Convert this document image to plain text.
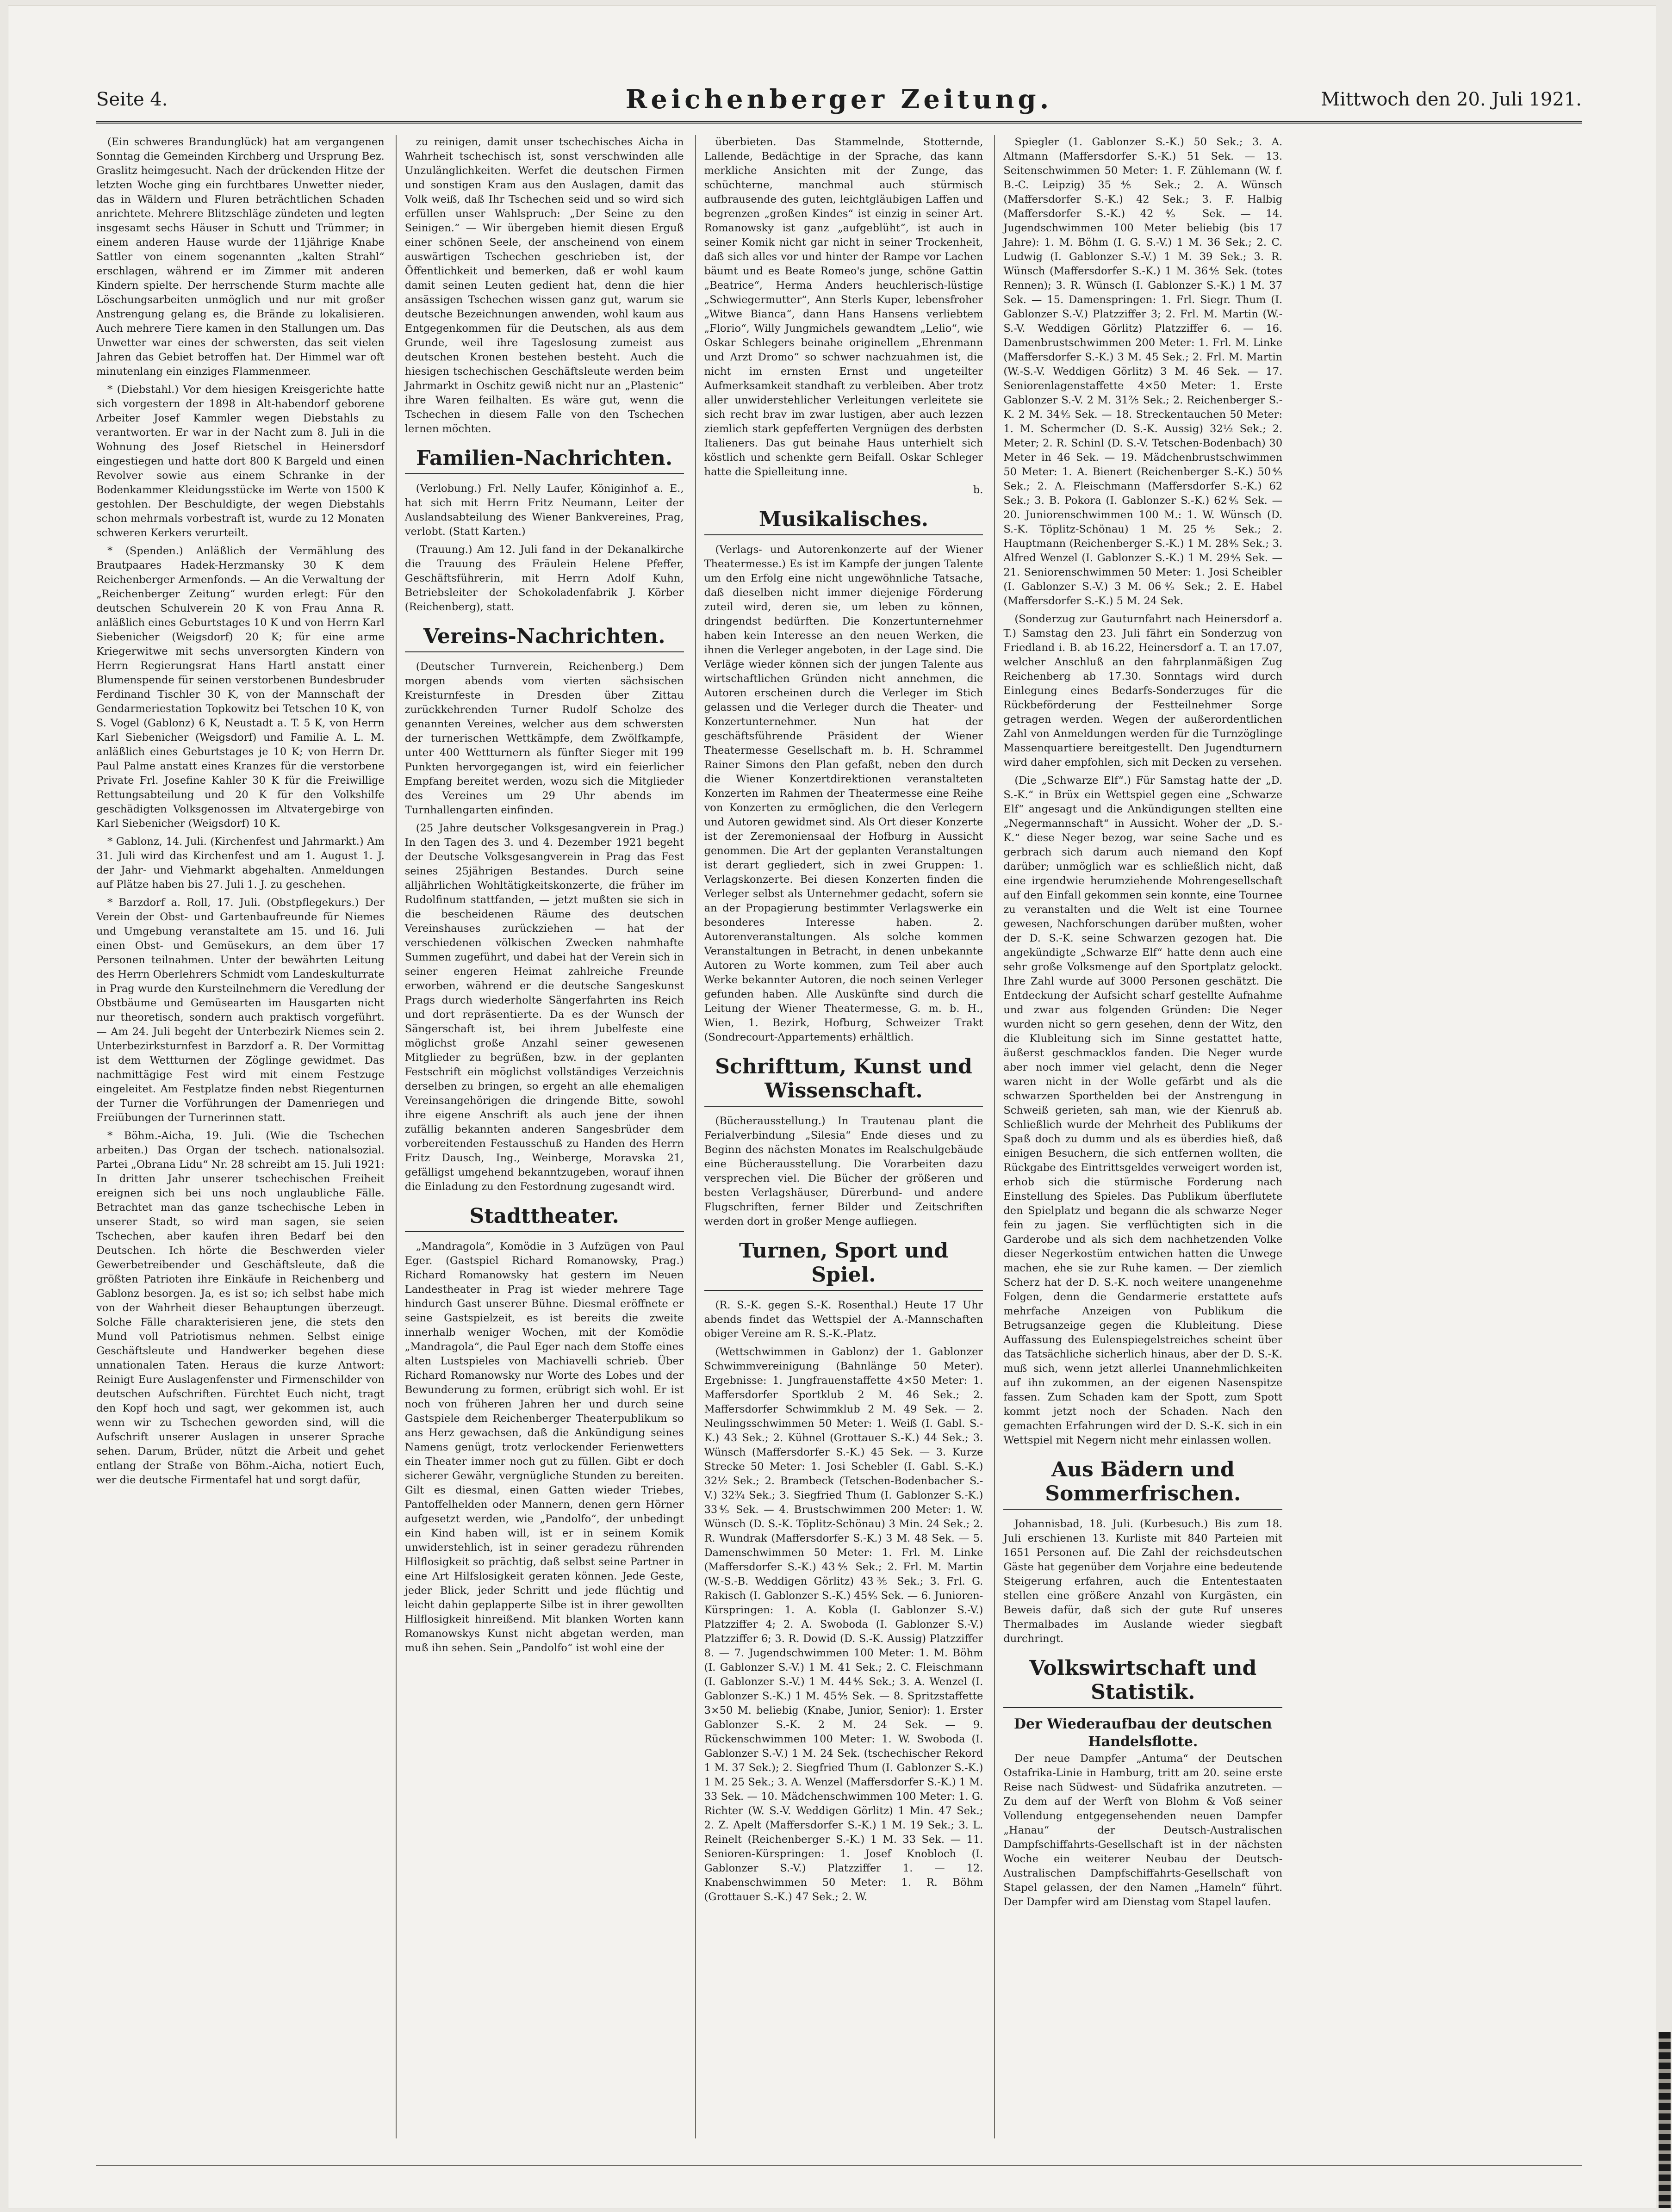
Seite 4.	Reichenberger Zeitung.	Mittwoch den 20. Juli 1921.

(Ein schweres Brandunglück) hat am vergangenen Sonntag die Gemeinden Kirchberg und Ursprung Bez. Graslitz heimgesucht. Nach der drückenden Hitze der letzten Woche ging ein furchtbares Unwetter nieder, das in Wäldern und Fluren beträchtlichen Schaden anrichtete. Mehrere Blitzschläge zündeten und legten insgesamt sechs Häuser in Schutt und Trümmer; in einem anderen Hause wurde der 11jährige Knabe Sattler von einem sogenannten „kalten Strahl“ erschlagen, während er im Zimmer mit anderen Kindern spielte. Der herrschende Sturm machte alle Löschungsarbeiten unmöglich und nur mit großer Anstrengung gelang es, die Brände zu lokalisieren. Auch mehrere Tiere kamen in den Stallungen um. Das Unwetter war eines der schwersten, das seit vielen Jahren das Gebiet betroffen hat. Der Himmel war oft minutenlang ein einziges Flammenmeer.

* (Diebstahl.) Vor dem hiesigen Kreisgerichte hatte sich vorgestern der 1898 in Alt-habendorf geborene Arbeiter Josef Kammler wegen Diebstahls zu verantworten. Er war in der Nacht zum 8. Juli in die Wohnung des Josef Rietschel in Heinersdorf eingestiegen und hatte dort 800 K Bargeld und einen Revolver sowie aus einem Schranke in der Bodenkammer Kleidungsstücke im Werte von 1500 K gestohlen. Der Beschuldigte, der wegen Diebstahls schon mehrmals vorbestraft ist, wurde zu 12 Monaten schweren Kerkers verurteilt.

* (Spenden.) Anläßlich der Vermählung des Brautpaares Hadek-Herzmansky 30 K dem Reichenberger Armenfonds. — An die Verwaltung der „Reichenberger Zeitung“ wurden erlegt: Für den deutschen Schulverein 20 K von Frau Anna R. anläßlich eines Geburtstages 10 K und von Herrn Karl Siebenicher (Weigsdorf) 20 K; für eine arme Kriegerwitwe mit sechs unversorgten Kindern von Herrn Regierungsrat Hans Hartl anstatt einer Blumenspende für seinen verstorbenen Bundesbruder Ferdinand Tischler 30 K, von der Mannschaft der Gendarmeriestation Topkowitz bei Tetschen 10 K, von S. Vogel (Gablonz) 6 K, Neustadt a. T. 5 K, von Herrn Karl Siebenicher (Weigsdorf) und Familie A. L. M. anläßlich eines Geburtstages je 10 K; von Herrn Dr. Paul Palme anstatt eines Kranzes für die verstorbene Private Frl. Josefine Kahler 30 K für die Freiwillige Rettungsabteilung und 20 K für den Volkshilfe geschädigten Volksgenossen im Altvatergebirge von Karl Siebenicher (Weigsdorf) 10 K.

* Gablonz, 14. Juli. (Kirchenfest und Jahrmarkt.) Am 31. Juli wird das Kirchenfest und am 1. August 1. J. der Jahr- und Viehmarkt abgehalten. Anmeldungen auf Plätze haben bis 27. Juli 1. J. zu geschehen.

* Barzdorf a. Roll, 17. Juli. (Obstpflegekurs.) Der Verein der Obst- und Gartenbaufreunde für Niemes und Umgebung veranstaltete am 15. und 16. Juli einen Obst- und Gemüsekurs, an dem über 17 Personen teilnahmen. Unter der bewährten Leitung des Herrn Oberlehrers Schmidt vom Landeskulturrate in Prag wurde den Kursteilnehmern die Veredlung der Obstbäume und Gemüsearten im Hausgarten nicht nur theoretisch, sondern auch praktisch vorgeführt. — Am 24. Juli begeht der Unterbezirk Niemes sein 2. Unterbezirksturnfest in Barzdorf a. R. Der Vormittag ist dem Wettturnen der Zöglinge gewidmet. Das nachmittägige Fest wird mit einem Festzuge eingeleitet. Am Festplatze finden nebst Riegenturnen der Turner die Vorführungen der Damenriegen und Freiübungen der Turnerinnen statt.

* Böhm.-Aicha, 19. Juli. (Wie die Tschechen arbeiten.) Das Organ der tschech. nationalsozial. Partei „Obrana Lidu“ Nr. 28 schreibt am 15. Juli 1921: In dritten Jahr unserer tschechischen Freiheit ereignen sich bei uns noch unglaubliche Fälle. Betrachtet man das ganze tschechische Leben in unserer Stadt, so wird man sagen, sie seien Tschechen, aber kaufen ihren Bedarf bei den Deutschen. Ich hörte die Beschwerden vieler Gewerbetreibender und Geschäftsleute, daß die größten Patrioten ihre Einkäufe in Reichenberg und Gablonz besorgen. Ja, es ist so; ich selbst habe mich von der Wahrheit dieser Behauptungen überzeugt. Solche Fälle charakterisieren jene, die stets den Mund voll Patriotismus nehmen. Selbst einige Geschäftsleute und Handwerker begehen diese unnationalen Taten. Heraus die kurze Antwort: Reinigt Eure Auslagenfenster und Firmenschilder von deutschen Aufschriften. Fürchtet Euch nicht, tragt den Kopf hoch und sagt, wer gekommen ist, auch wenn wir zu Tschechen geworden sind, will die Aufschrift unserer Auslagen in unserer Sprache sehen. Darum, Brüder, nützt die Arbeit und gehet entlang der Straße von Böhm.-Aicha, notiert Euch, wer die deutsche Firmentafel hat und sorgt dafür,

zu reinigen, damit unser tschechisches Aicha in Wahrheit tschechisch ist, sonst verschwinden alle Unzulänglichkeiten. Werfet die deutschen Firmen und sonstigen Kram aus den Auslagen, damit das Volk weiß, daß Ihr Tschechen seid und so wird sich erfüllen unser Wahlspruch: „Der Seine zu den Seinigen.“ — Wir übergeben hiemit diesen Erguß einer schönen Seele, der anscheinend von einem auswärtigen Tschechen geschrieben ist, der Öffentlichkeit und bemerken, daß er wohl kaum damit seinen Leuten gedient hat, denn die hier ansässigen Tschechen wissen ganz gut, warum sie deutsche Bezeichnungen anwenden, wohl kaum aus Entgegenkommen für die Deutschen, als aus dem Grunde, weil ihre Tageslosung zumeist aus deutschen Kronen bestehen besteht. Auch die hiesigen tschechischen Geschäftsleute werden beim Jahrmarkt in Oschitz gewiß nicht nur an „Plastenic“ ihre Waren feilhalten. Es wäre gut, wenn die Tschechen in diesem Falle von den Tschechen lernen möchten.

Familien-Nachrichten.

(Verlobung.) Frl. Nelly Laufer, Königinhof a. E., hat sich mit Herrn Fritz Neumann, Leiter der Auslandsabteilung des Wiener Bankvereines, Prag, verlobt. (Statt Karten.)

(Trauung.) Am 12. Juli fand in der Dekanalkirche die Trauung des Fräulein Helene Pfeffer, Geschäftsführerin, mit Herrn Adolf Kuhn, Betriebsleiter der Schokoladenfabrik J. Körber (Reichenberg), statt.

Vereins-Nachrichten.

(Deutscher Turnverein, Reichenberg.) Dem morgen abends vom vierten sächsischen Kreisturnfeste in Dresden über Zittau zurückkehrenden Turner Rudolf Scholze des genannten Vereines, welcher aus dem schwersten der turnerischen Wettkämpfe, dem Zwölfkampfe, unter 400 Wettturnern als fünfter Sieger mit 199 Punkten hervorgegangen ist, wird ein feierlicher Empfang bereitet werden, wozu sich die Mitglieder des Vereines um 29 Uhr abends im Turnhallengarten einfinden.

(25 Jahre deutscher Volksgesangverein in Prag.) In den Tagen des 3. und 4. Dezember 1921 begeht der Deutsche Volksgesangverein in Prag das Fest seines 25jährigen Bestandes. Durch seine alljährlichen Wohltätigkeitskonzerte, die früher im Rudolfinum stattfanden, — jetzt mußten sie sich in die bescheidenen Räume des deutschen Vereinshauses zurückziehen — hat der verschiedenen völkischen Zwecken nahmhafte Summen zugeführt, und dabei hat der Verein sich in seiner engeren Heimat zahlreiche Freunde erworben, während er die deutsche Sangeskunst Prags durch wiederholte Sängerfahrten ins Reich und dort repräsentierte. Da es der Wunsch der Sängerschaft ist, bei ihrem Jubelfeste eine möglichst große Anzahl seiner gewesenen Mitglieder zu begrüßen, bzw. in der geplanten Festschrift ein möglichst vollständiges Verzeichnis derselben zu bringen, so ergeht an alle ehemaligen Vereinsangehörigen die dringende Bitte, sowohl ihre eigene Anschrift als auch jene der ihnen zufällig bekannten anderen Sangesbrüder dem vorbereitenden Festausschuß zu Handen des Herrn Fritz Dausch, Ing., Weinberge, Moravska 21, gefälligst umgehend bekanntzugeben, worauf ihnen die Einladung zu den Festordnung zugesandt wird.

Stadttheater.

„Mandragola“, Komödie in 3 Aufzügen von Paul Eger. (Gastspiel Richard Romanowsky, Prag.) Richard Romanowsky hat gestern im Neuen Landestheater in Prag ist wieder mehrere Tage hindurch Gast unserer Bühne. Diesmal eröffnete er seine Gastspielzeit, es ist bereits die zweite innerhalb weniger Wochen, mit der Komödie „Mandragola“, die Paul Eger nach dem Stoffe eines alten Lustspieles von Machiavelli schrieb. Über Richard Romanowsky nur Worte des Lobes und der Bewunderung zu formen, erübrigt sich wohl. Er ist noch von früheren Jahren her und durch seine Gastspiele dem Reichenberger Theaterpublikum so ans Herz gewachsen, daß die Ankündigung seines Namens genügt, trotz verlockender Ferienwetters ein Theater immer noch gut zu füllen. Gibt er doch sicherer Gewähr, vergnügliche Stunden zu bereiten. Gilt es diesmal, einen Gatten wieder Triebes, Pantoffelhelden oder Mannern, denen gern Hörner aufgesetzt werden, wie „Pandolfo“, der unbedingt ein Kind haben will, ist er in seinem Komik unwiderstehlich, ist in seiner geradezu rührenden Hilflosigkeit so prächtig, daß selbst seine Partner in eine Art Hilfslosigkeit geraten können. Jede Geste, jeder Blick, jeder Schritt und jede flüchtig und leicht dahin geplapperte Silbe ist in ihrer gewollten Hilflosigkeit hinreißend. Mit blanken Worten kann Romanowskys Kunst nicht abgetan werden, man muß ihn sehen. Sein „Pandolfo“ ist wohl eine der

überbieten. Das Stammelnde, Stotternde, Lallende, Bedächtige in der Sprache, das kann merkliche Ansichten mit der Zunge, das schüchterne, manchmal auch stürmisch aufbrausende des guten, leichtgläubigen Laffen und begrenzen „großen Kindes“ ist einzig in seiner Art. Romanowsky ist ganz „aufgeblüht“, ist auch in seiner Komik nicht gar nicht in seiner Trockenheit, daß sich alles vor und hinter der Rampe vor Lachen bäumt und es Beate Romeo's junge, schöne Gattin „Beatrice“, Herma Anders heuchlerisch-lüstige „Schwiegermutter“, Ann Sterls Kuper, lebensfroher „Witwe Bianca“, dann Hans Hansens verliebtem „Florio“, Willy Jungmichels gewandtem „Lelio“, wie Oskar Schlegers beinahe originellem „Ehrenmann und Arzt Dromo“ so schwer nachzuahmen ist, die nicht im ernsten Ernst und ungeteilter Aufmerksamkeit standhaft zu verbleiben. Aber trotz aller unwiderstehlicher Verleitungen verleitete sie sich recht brav im zwar lustigen, aber auch lezzen ziemlich stark gepfefferten Vergnügen des derbsten Italieners. Das gut beinahe Haus unterhielt sich köstlich und schenkte gern Beifall. Oskar Schleger hatte die Spielleitung inne.

b.
Musikalisches.

(Verlags- und Autorenkonzerte auf der Wiener Theatermesse.) Es ist im Kampfe der jungen Talente um den Erfolg eine nicht ungewöhnliche Tatsache, daß dieselben nicht immer diejenige Förderung zuteil wird, deren sie, um leben zu können, dringendst bedürften. Die Konzertunternehmer haben kein Interesse an den neuen Werken, die ihnen die Verleger angeboten, in der Lage sind. Die Verläge wieder können sich der jungen Talente aus wirtschaftlichen Gründen nicht annehmen, die Autoren erscheinen durch die Verleger im Stich gelassen und die Verleger durch die Theater- und Konzertunternehmer. Nun hat der geschäftsführende Präsident der Wiener Theatermesse Gesellschaft m. b. H. Schrammel Rainer Simons den Plan gefaßt, neben den durch die Wiener Konzertdirektionen veranstalteten Konzerten im Rahmen der Theatermesse eine Reihe von Konzerten zu ermöglichen, die den Verlegern und Autoren gewidmet sind. Als Ort dieser Konzerte ist der Zeremoniensaal der Hofburg in Aussicht genommen. Die Art der geplanten Veranstaltungen ist derart gegliedert, sich in zwei Gruppen: 1. Verlagskonzerte. Bei diesen Konzerten finden die Verleger selbst als Unternehmer gedacht, sofern sie an der Propagierung bestimmter Verlagswerke ein besonderes Interesse haben. 2. Autorenveranstaltungen. Als solche kommen Veranstaltungen in Betracht, in denen unbekannte Autoren zu Worte kommen, zum Teil aber auch Werke bekannter Autoren, die noch seinen Verleger gefunden haben. Alle Auskünfte sind durch die Leitung der Wiener Theatermesse, G. m. b. H., Wien, 1. Bezirk, Hofburg, Schweizer Trakt (Sondrecourt-Appartements) erhältlich.

Schrifttum, Kunst und Wissenschaft.

(Bücherausstellung.) In Trautenau plant die Ferialverbindung „Silesia“ Ende dieses und zu Beginn des nächsten Monates im Realschulgebäude eine Bücherausstellung. Die Vorarbeiten dazu versprechen viel. Die Bücher der größeren und besten Verlagshäuser, Dürerbund- und andere Flugschriften, ferner Bilder und Zeitschriften werden dort in großer Menge aufliegen.

Turnen, Sport und Spiel.

(R. S.-K. gegen S.-K. Rosenthal.) Heute 17 Uhr abends findet das Wettspiel der A.-Mannschaften obiger Vereine am R. S.-K.-Platz.

(Wettschwimmen in Gablonz) der 1. Gablonzer Schwimmvereinigung (Bahnlänge 50 Meter). Ergebnisse: 1. Jungfrauenstaffette 4×50 Meter: 1. Maffersdorfer Sportklub 2 M. 46 Sek.; 2. Maffersdorfer Schwimmklub 2 M. 49 Sek. — 2. Neulingsschwimmen 50 Meter: 1. Weiß (I. Gabl. S.-K.) 43 Sek.; 2. Kühnel (Grottauer S.-K.) 44 Sek.; 3. Wünsch (Maffersdorfer S.-K.) 45 Sek. — 3. Kurze Strecke 50 Meter: 1. Josi Schebler (I. Gabl. S.-K.) 32½ Sek.; 2. Brambeck (Tetschen-Bodenbacher S.-V.) 32¾ Sek.; 3. Siegfried Thum (I. Gablonzer S.-K.) 33⅘ Sek. — 4. Brustschwimmen 200 Meter: 1. W. Wünsch (D. S.-K. Töplitz-Schönau) 3 Min. 24 Sek.; 2. R. Wundrak (Maffersdorfer S.-K.) 3 M. 48 Sek. — 5. Damenschwimmen 50 Meter: 1. Frl. M. Linke (Maffersdorfer S.-K.) 43⅘ Sek.; 2. Frl. M. Martin (W.-S.-B. Weddigen Görlitz) 43⅗ Sek.; 3. Frl. G. Rakisch (I. Gablonzer S.-K.) 45⅘ Sek. — 6. Junioren-Kürspringen: 1. A. Kobla (I. Gablonzer S.-V.) Platzziffer 4; 2. A. Swoboda (I. Gablonzer S.-V.) Platzziffer 6; 3. R. Dowid (D. S.-K. Aussig) Platzziffer 8. — 7. Jugendschwimmen 100 Meter: 1. M. Böhm (I. Gablonzer S.-V.) 1 M. 41 Sek.; 2. C. Fleischmann (I. Gablonzer S.-V.) 1 M. 44⅘ Sek.; 3. A. Wenzel (I. Gablonzer S.-K.) 1 M. 45⅘ Sek. — 8. Spritzstaffette 3×50 M. beliebig (Knabe, Junior, Senior): 1. Erster Gablonzer S.-K. 2 M. 24 Sek. — 9. Rückenschwimmen 100 Meter: 1. W. Swoboda (I. Gablonzer S.-V.) 1 M. 24 Sek. (tschechischer Rekord 1 M. 37 Sek.); 2. Siegfried Thum (I. Gablonzer S.-K.) 1 M. 25 Sek.; 3. A. Wenzel (Maffersdorfer S.-K.) 1 M. 33 Sek. — 10. Mädchenschwimmen 100 Meter: 1. G. Richter (W. S.-V. Weddigen Görlitz) 1 Min. 47 Sek.; 2. Z. Apelt (Maffersdorfer S.-K.) 1 M. 19 Sek.; 3. L. Reinelt (Reichenberger S.-K.) 1 M. 33 Sek. — 11. Senioren-Kürspringen: 1. Josef Knobloch (I. Gablonzer S.-V.) Platzziffer 1. — 12. Knabenschwimmen 50 Meter: 1. R. Böhm (Grottauer S.-K.) 47 Sek.; 2. W.

Spiegler (1. Gablonzer S.-K.) 50 Sek.; 3. A. Altmann (Maffersdorfer S.-K.) 51 Sek. — 13. Seitenschwimmen 50 Meter: 1. F. Zühlemann (W. f. B.-C. Leipzig) 35⅘ Sek.; 2. A. Wünsch (Maffersdorfer S.-K.) 42 Sek.; 3. F. Halbig (Maffersdorfer S.-K.) 42⅘ Sek. — 14. Jugendschwimmen 100 Meter beliebig (bis 17 Jahre): 1. M. Böhm (I. G. S.-V.) 1 M. 36 Sek.; 2. C. Ludwig (I. Gablonzer S.-V.) 1 M. 39 Sek.; 3. R. Wünsch (Maffersdorfer S.-K.) 1 M. 36⅘ Sek. (totes Rennen); 3. R. Wünsch (I. Gablonzer S.-K.) 1 M. 37 Sek. — 15. Damenspringen: 1. Frl. Siegr. Thum (I. Gablonzer S.-V.) Platzziffer 3; 2. Frl. M. Martin (W.-S.-V. Weddigen Görlitz) Platzziffer 6. — 16. Damenbrustschwimmen 200 Meter: 1. Frl. M. Linke (Maffersdorfer S.-K.) 3 M. 45 Sek.; 2. Frl. M. Martin (W.-S.-V. Weddigen Görlitz) 3 M. 46 Sek. — 17. Seniorenlagenstaffette 4×50 Meter: 1. Erste Gablonzer S.-V. 2 M. 31⅖ Sek.; 2. Reichenberger S.-K. 2 M. 34⅘ Sek. — 18. Streckentauchen 50 Meter: 1. M. Schermcher (D. S.-K. Aussig) 32½ Sek.; 2. Meter; 2. R. Schinl (D. S.-V. Tetschen-Bodenbach) 30 Meter in 46 Sek. — 19. Mädchenbrustschwimmen 50 Meter: 1. A. Bienert (Reichenberger S.-K.) 50⅘ Sek.; 2. A. Fleischmann (Maffersdorfer S.-K.) 62 Sek.; 3. B. Pokora (I. Gablonzer S.-K.) 62⅘ Sek. — 20. Juniorenschwimmen 100 M.: 1. W. Wünsch (D. S.-K. Töplitz-Schönau) 1 M. 25⅘ Sek.; 2. Hauptmann (Reichenberger S.-K.) 1 M. 28⅘ Sek.; 3. Alfred Wenzel (I. Gablonzer S.-K.) 1 M. 29⅘ Sek. — 21. Seniorenschwimmen 50 Meter: 1. Josi Scheibler (I. Gablonzer S.-V.) 3 M. 06⅘ Sek.; 2. E. Habel (Maffersdorfer S.-K.) 5 M. 24 Sek.

(Sonderzug zur Gauturnfahrt nach Heinersdorf a. T.) Samstag den 23. Juli fährt ein Sonderzug von Friedland i. B. ab 16.22, Heinersdorf a. T. an 17.07, welcher Anschluß an den fahrplanmäßigen Zug Reichenberg ab 17.30. Sonntags wird durch Einlegung eines Bedarfs-Sonderzuges für die Rückbeförderung der Festteilnehmer Sorge getragen werden. Wegen der außerordentlichen Zahl von Anmeldungen werden für die Turnzöglinge Massenquartiere bereitgestellt. Den Jugendturnern wird daher empfohlen, sich mit Decken zu versehen.

(Die „Schwarze Elf“.) Für Samstag hatte der „D. S.-K.“ in Brüx ein Wettspiel gegen eine „Schwarze Elf“ angesagt und die Ankündigungen stellten eine „Negermannschaft“ in Aussicht. Woher der „D. S.-K.“ diese Neger bezog, war seine Sache und es gerbrach sich darum auch niemand den Kopf darüber; unmöglich war es schließlich nicht, daß eine irgendwie herumziehende Mohrengesellschaft auf den Einfall gekommen sein konnte, eine Tournee zu veranstalten und die Welt ist eine Tournee gewesen, Nachforschungen darüber mußten, woher der D. S.-K. seine Schwarzen gezogen hat. Die angekündigte „Schwarze Elf“ hatte denn auch eine sehr große Volksmenge auf den Sportplatz gelockt. Ihre Zahl wurde auf 3000 Personen geschätzt. Die Entdeckung der Aufsicht scharf gestellte Aufnahme und zwar aus folgenden Gründen: Die Neger wurden nicht so gern gesehen, denn der Witz, den die Klubleitung sich im Sinne gestattet hatte, äußerst geschmacklos fanden. Die Neger wurde aber noch immer viel gelacht, denn die Neger waren nicht in der Wolle gefärbt und als die schwarzen Sporthelden bei der Anstrengung in Schweiß gerieten, sah man, wie der Kienruß ab. Schließlich wurde der Mehrheit des Publikums der Spaß doch zu dumm und als es überdies hieß, daß einigen Besuchern, die sich entfernen wollten, die Rückgabe des Eintrittsgeldes verweigert worden ist, erhob sich die stürmische Forderung nach Einstellung des Spieles. Das Publikum überflutete den Spielplatz und begann die als schwarze Neger fein zu jagen. Sie verflüchtigten sich in die Garderobe und als sich dem nachhetzenden Volke dieser Negerkostüm entwichen hatten die Unwege machen, ehe sie zur Ruhe kamen. — Der ziemlich Scherz hat der D. S.-K. noch weitere unangenehme Folgen, denn die Gendarmerie erstattete aufs mehrfache Anzeigen von Publikum die Betrugsanzeige gegen die Klubleitung. Diese Auffassung des Eulenspiegelstreiches scheint über das Tatsächliche sicherlich hinaus, aber der D. S.-K. muß sich, wenn jetzt allerlei Unannehmlichkeiten auf ihn zukommen, an der eigenen Nasenspitze fassen. Zum Schaden kam der Spott, zum Spott kommt jetzt noch der Schaden. Nach den gemachten Erfahrungen wird der D. S.-K. sich in ein Wettspiel mit Negern nicht mehr einlassen wollen.

Aus Bädern und Sommerfrischen.

Johannisbad, 18. Juli. (Kurbesuch.) Bis zum 18. Juli erschienen 13. Kurliste mit 840 Parteien mit 1651 Personen auf. Die Zahl der reichsdeutschen Gäste hat gegenüber dem Vorjahre eine bedeutende Steigerung erfahren, auch die Ententestaaten stellen eine größere Anzahl von Kurgästen, ein Beweis dafür, daß sich der gute Ruf unseres Thermalbades im Auslande wieder siegbaft durchringt.

Volkswirtschaft und Statistik.
Der Wiederaufbau der deutschen Handelsflotte.

Der neue Dampfer „Antuma“ der Deutschen Ostafrika-Linie in Hamburg, tritt am 20. seine erste Reise nach Südwest- und Südafrika anzutreten. — Zu dem auf der Werft von Blohm & Voß seiner Vollendung entgegensehenden neuen Dampfer „Hanau“ der Deutsch-Australischen Dampfschiffahrts-Gesellschaft ist in der nächsten Woche ein weiterer Neubau der Deutsch-Australischen Dampfschiffahrts-Gesellschaft von Stapel gelassen, der den Namen „Hameln“ führt. Der Dampfer wird am Dienstag vom Stapel laufen.
